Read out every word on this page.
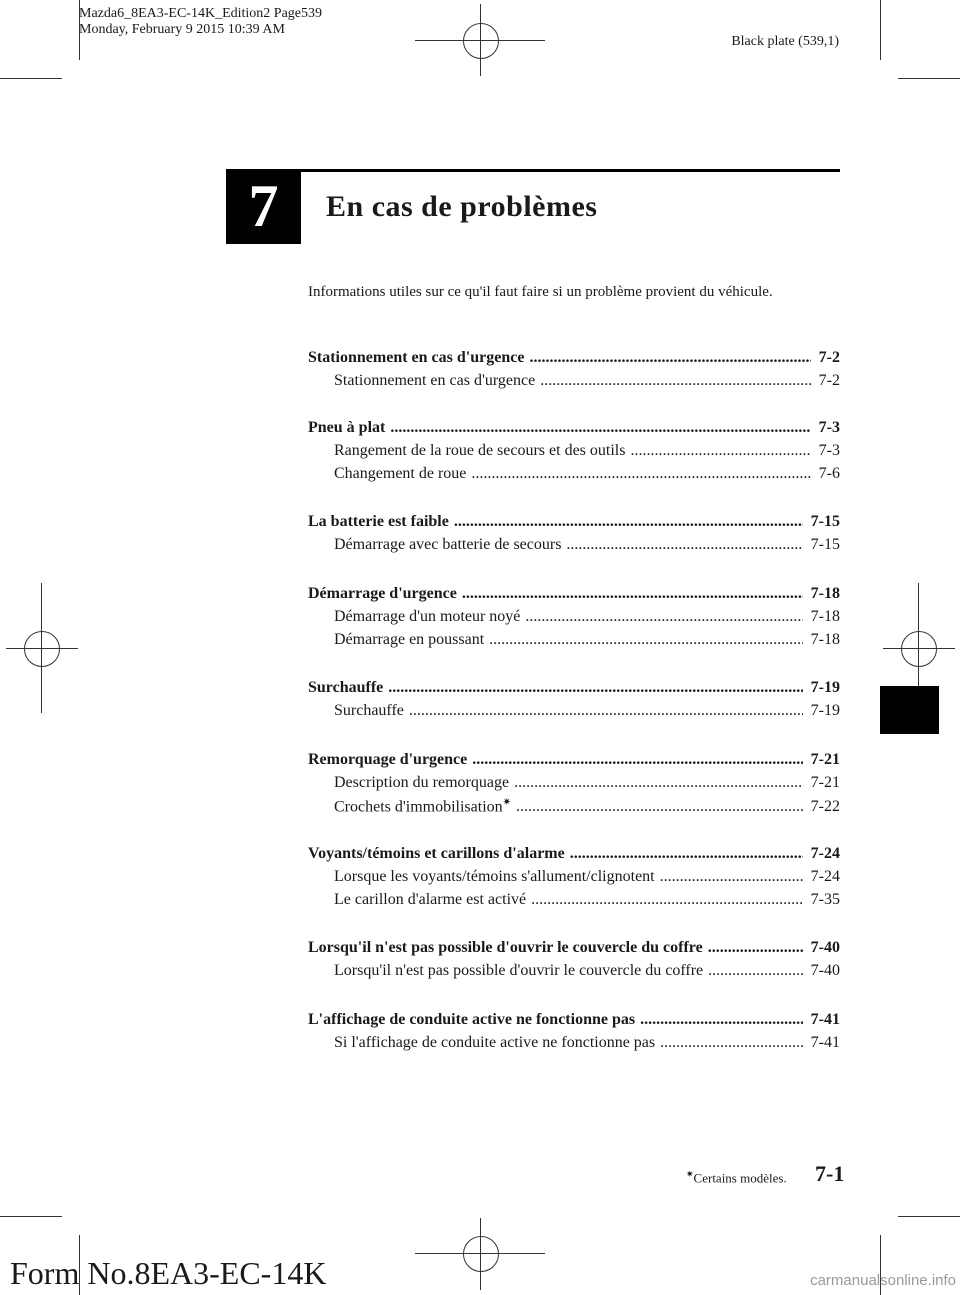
Mazda6_8EA3-EC-14K_Edition2 Page539
Monday, February 9 2015 10:39 AM
Black plate (539,1)
7	En cas de problèmes
Informations utiles sur ce qu'il faut faire si un problème provient du véhicule.
Stationnement en cas d'urgence .....	7-2
Stationnement en cas d'urgence .....	7-2
Pneu à plat .....	7-3
Rangement de la roue de secours et des outils .....	7-3
Changement de roue .....	7-6
La batterie est faible .....	7-15
Démarrage avec batterie de secours .....	7-15
Démarrage d'urgence .....	7-18
Démarrage d'un moteur noyé .....	7-18
Démarrage en poussant .....	7-18
Surchauffe .....	7-19
Surchauffe .....	7-19
Remorquage d'urgence .....	7-21
Description du remorquage .....	7-21
Crochets d'immobilisation✷ .....	7-22
Voyants/témoins et carillons d'alarme .....	7-24
Lorsque les voyants/témoins s'allument/clignotent .....	7-24
Le carillon d'alarme est activé .....	7-35
Lorsqu'il n'est pas possible d'ouvrir le couvercle du coffre .....	7-40
Lorsqu'il n'est pas possible d'ouvrir le couvercle du coffre .....	7-40
L'affichage de conduite active ne fonctionne pas .....	7-41
Si l'affichage de conduite active ne fonctionne pas .....	7-41
✷Certains modèles. 7-1
Form No.8EA3-EC-14K	carmanualsonline.info
